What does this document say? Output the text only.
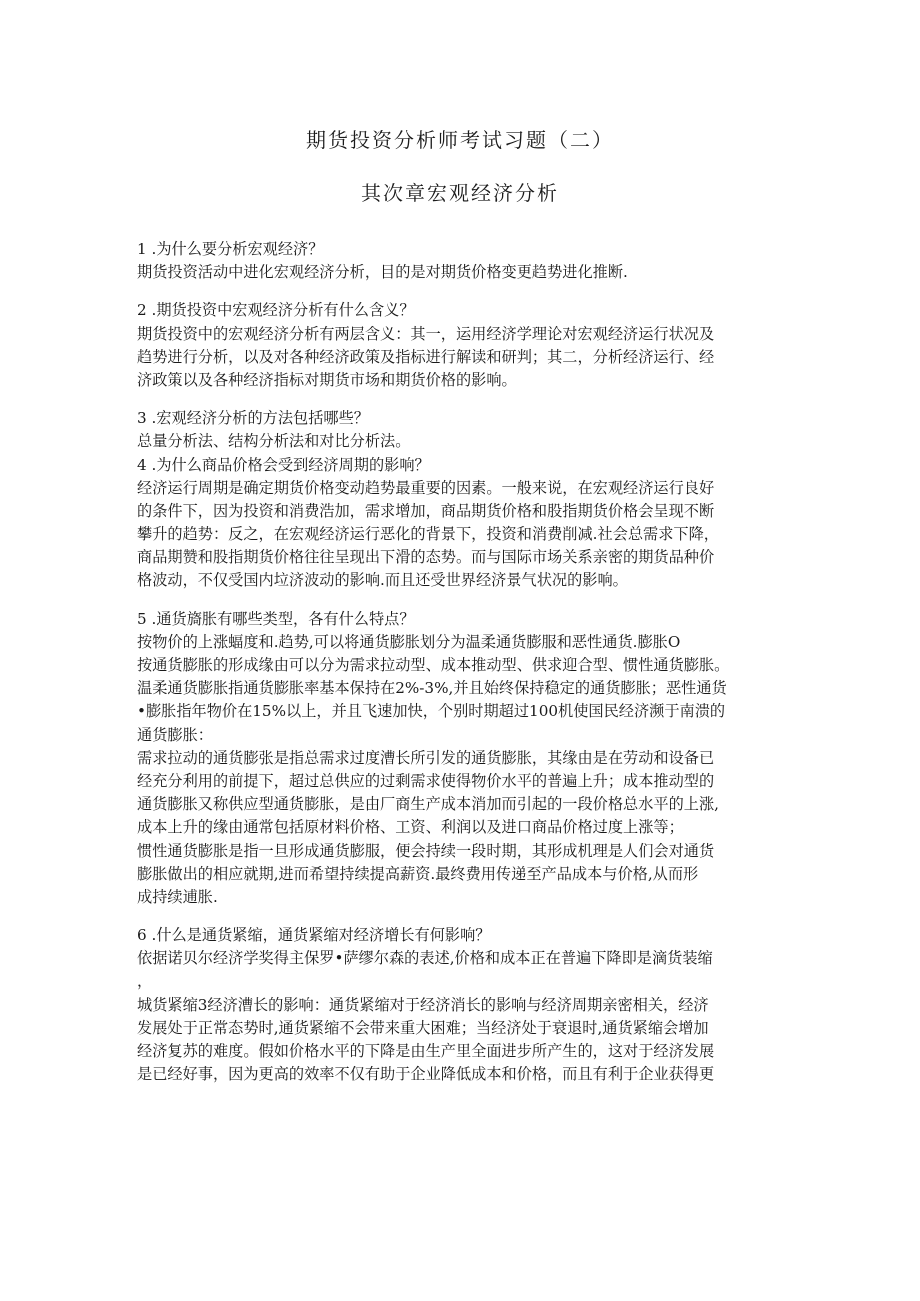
期货投资分析师考试习题（二）
其次章宏观经济分析
1 .为什么要分析宏观经济？
期货投资活动中进化宏观经济分析，目的是对期货价格变更趋势进化推断.
2 .期货投资中宏观经济分析有什么含义？
期货投资中的宏观经济分析有两层含义：其一，运用经济学理论对宏观经济运行状况及
趋势进行分析，以及对各种经济政策及指标进行解读和研判；其二，分析经济运行、经
济政策以及各种经济指标对期货市场和期货价格的影响。
3 .宏观经济分析的方法包括哪些？
总量分析法、结构分析法和对比分析法。
4 .为什么商品价格会受到经济周期的影响？
经济运行周期是确定期货价格变动趋势最重要的因素。一般来说，在宏观经济运行良好
的条件下，因为投资和消费浩加，需求增加，商品期货价格和股指期货价格会呈现不断
攀升的趋势：反之，在宏观经济运行恶化的背景下，投资和消费削减.社会总需求下降，
商品期赞和股指期货价格往往呈现出下滑的态势。而与国际市场关系亲密的期货品种价
格波动，不仅受国内垃济波动的影响.而且还受世界经济景气状况的影响。
5 .通货旖胀有哪些类型，各有什么特点？
按物价的上涨蝠度和.趋势,可以将通货膨胀划分为温柔通货膨服和恶性通货.膨胀O
按通货膨胀的形成缘由可以分为需求拉动型、成本推动型、供求迎合型、惯性通货膨胀。
温柔通货膨胀指通货膨胀率基本保持在2%-3%,并且始终保持稳定的通货膨胀；恶性通货
•膨胀指年物价在15%以上，并且飞速加快，个别时期超过100机使国民经济濒于南溃的
通货膨胀：
需求拉动的通货膨张是指总需求过度漕长所引发的通货膨胀，其缘由是在劳动和设备已
经充分利用的前提下，超过总供应的过剩需求使得物价水平的普遍上升；成本推动型的
通货膨胀又称供应型通货膨胀，是由厂商生产成本消加而引起的一段价格总水平的上涨,
成本上升的缘由通常包括原材料价格、工资、利润以及进口商品价格过度上涨等；
惯性通货膨胀是指一旦形成通货膨服，便会持续一段时期，其形成机理是人们会对通货
膨胀做出的相应就期,进而希望持续提高薪资.最终费用传递至产品成本与价格,从而形
成持续逋胀.
6 .什么是通货紧缩，通货紧缩对经济增长有何影响？
依据诺贝尔经济学奖得主保罗•萨缪尔森的表述,价格和成本正在普遍下降即是滴货装缩
，
城货紧缩3经济漕长的影响：通货紧缩对于经济消长的影响与经济周期亲密相关，经济
发展处于正常态势时,通货紧缩不会带来重大困难；当经济处于衰退时,通货紧缩会增加
经济复苏的难度。假如价格水平的下降是由生产里全面进步所产生的，这对于经济发展
是已经好事，因为更高的效率不仅有助于企业降低成本和价格，而且有利于企业获得更
